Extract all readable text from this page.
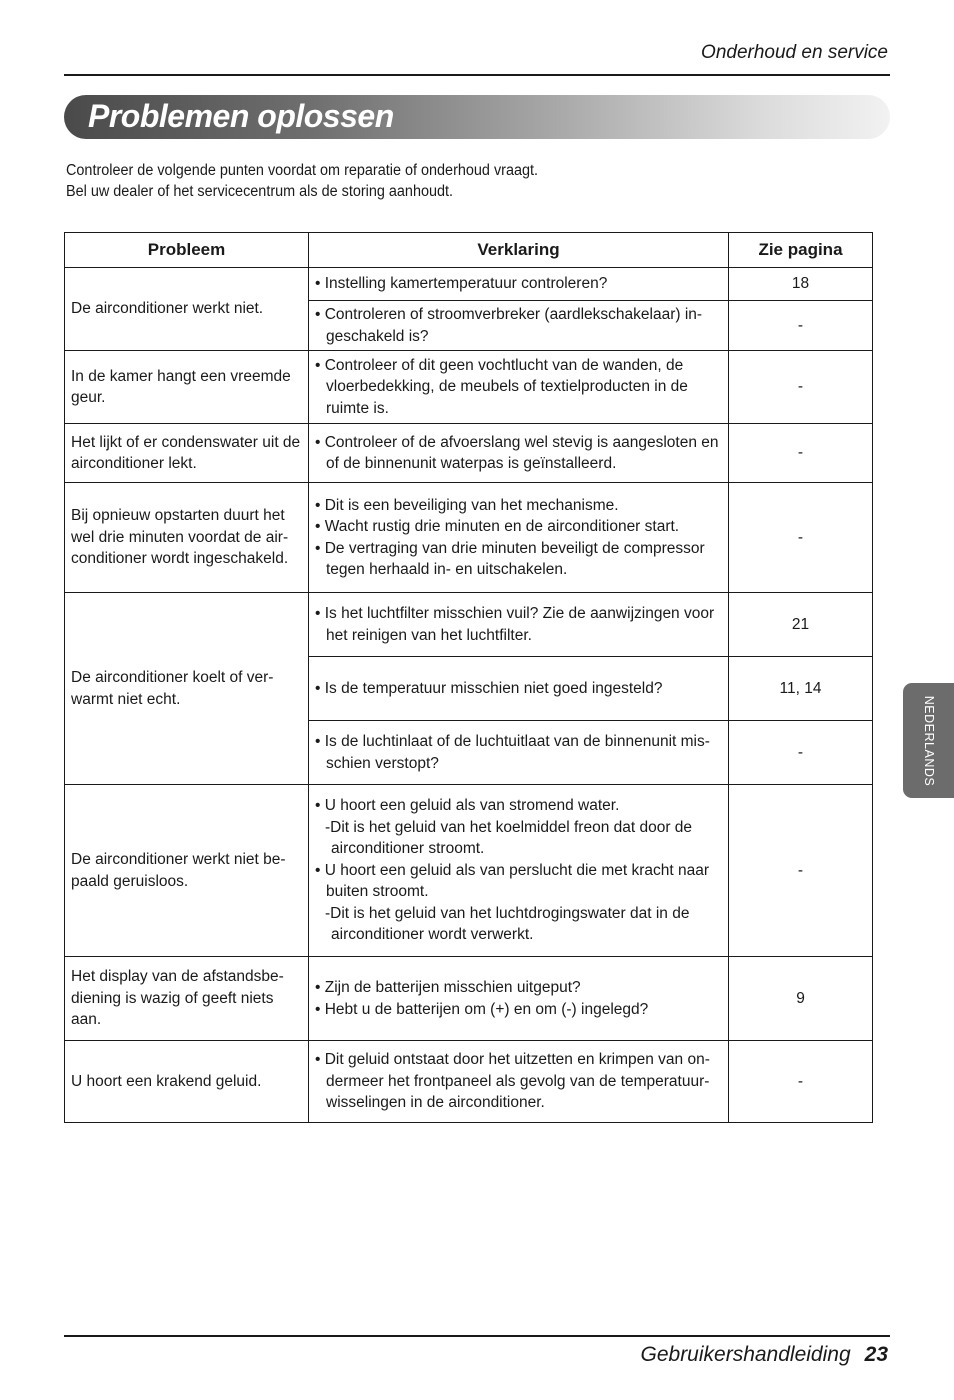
Onderhoud en service
Problemen oplossen
Controleer de volgende punten voordat om reparatie of onderhoud vraagt.
Bel uw dealer of het servicecentrum als de storing aanhoudt.
Probleem	Verklaring	Zie pagina
De airconditioner werkt niet.	• Instelling kamertemperatuur controleren?	18

	• Controleren of stroomverbreker (aardlekschakelaar) in-geschakeld is?	-
In de kamer hangt een vreemde geur.	• Controleer of dit geen vochtlucht van de wanden, de vloerbedekking, de meubels of textielproducten in de ruimte is.	-
Het lijkt of er condenswater uit de airconditioner lekt.	• Controleer of de afvoerslang wel stevig is aangesloten en of de binnenunit waterpas is geïnstalleerd.	-
Bij opnieuw opstarten duurt het wel drie minuten voordat de air-conditioner wordt ingeschakeld.	• Dit is een beveiliging van het mechanisme.
• Wacht rustig drie minuten en de airconditioner start.
• De vertraging van drie minuten beveiligt de compressor tegen herhaald in- en uitschakelen.	-
De airconditioner koelt of ver-warmt niet echt.	• Is het luchtfilter misschien vuil? Zie de aanwijzingen voor het reinigen van het luchtfilter.	21

	• Is de temperatuur misschien niet goed ingesteld?	11, 14

	• Is de luchtinlaat of de luchtuitlaat van de binnenunit mis-schien verstopt?	-
De airconditioner werkt niet be-paald geruisloos.	• U hoort een geluid als van stromend water.
-Dit is het geluid van het koelmiddel freon dat door de airconditioner stroomt.
• U hoort een geluid als van perslucht die met kracht naar buiten stroomt.
-Dit is het geluid van het luchtdrogingswater dat in de airconditioner wordt verwerkt.	-
Het display van de afstandsbe-diening is wazig of geeft niets aan.	• Zijn de batterijen misschien uitgeput?
• Hebt u de batterijen om (+) en om (-) ingelegd?	9
U hoort een krakend geluid.	• Dit geluid ontstaat door het uitzetten en krimpen van on-dermeer het frontpaneel als gevolg van de temperatuur-wisselingen in de airconditioner.	-
NEDERLANDS
Gebruikershandleiding 23
